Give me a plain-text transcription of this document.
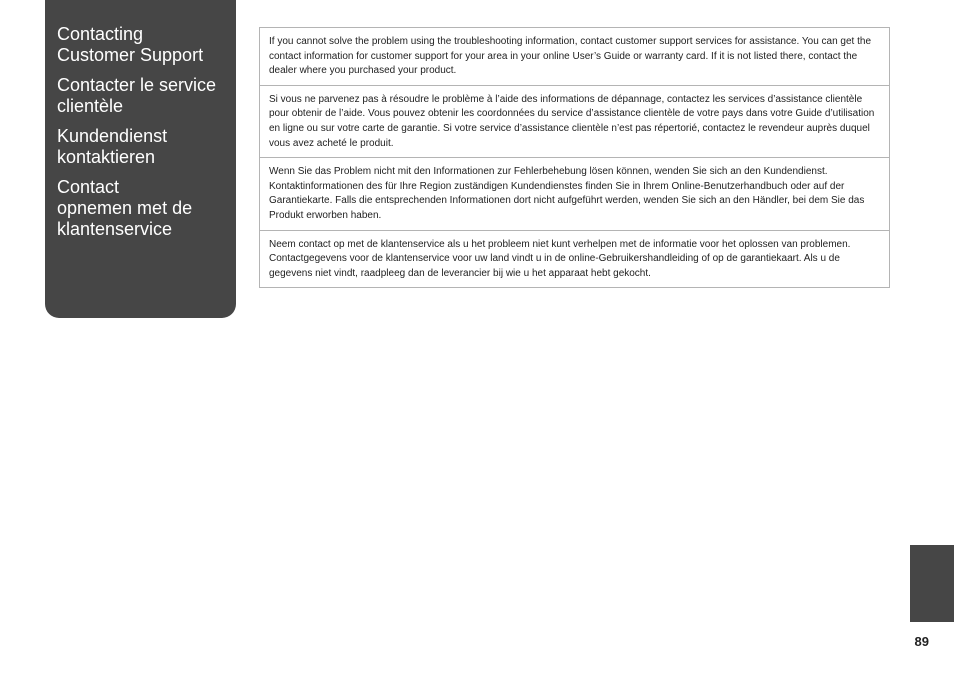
Contacting
Customer Support
Contacter le service
clientèle
Kundendienst
kontaktieren
Contact
opnemen met de
klantenservice
If you cannot solve the problem using the troubleshooting information, contact customer support services for assistance. You can get the contact information for customer support for your area in your online User’s Guide or warranty card. If it is not listed there, contact the dealer where you purchased your product.
Si vous ne parvenez pas à résoudre le problème à l’aide des informations de dépannage, contactez les services d’assistance clientèle pour obtenir de l’aide. Vous pouvez obtenir les coordonnées du service d’assistance clientèle de votre pays dans votre Guide d’utilisation en ligne ou sur votre carte de garantie. Si votre service d’assistance clientèle n’est pas répertorié, contactez le revendeur auprès duquel vous avez acheté le produit.
Wenn Sie das Problem nicht mit den Informationen zur Fehlerbehebung lösen können, wenden Sie sich an den Kundendienst. Kontaktinformationen des für Ihre Region zuständigen Kundendienstes finden Sie in Ihrem Online-Benutzerhandbuch oder auf der Garantiekarte. Falls die entsprechenden Informationen dort nicht aufgeführt werden, wenden Sie sich an den Händler, bei dem Sie das Produkt erworben haben.
Neem contact op met de klantenservice als u het probleem niet kunt verhelpen met de informatie voor het oplossen van problemen. Contactgegevens voor de klantenservice voor uw land vindt u in de online-Gebruikershandleiding of op de garantiekaart. Als u de gegevens niet vindt, raadpleeg dan de leverancier bij wie u het apparaat hebt gekocht.
89
